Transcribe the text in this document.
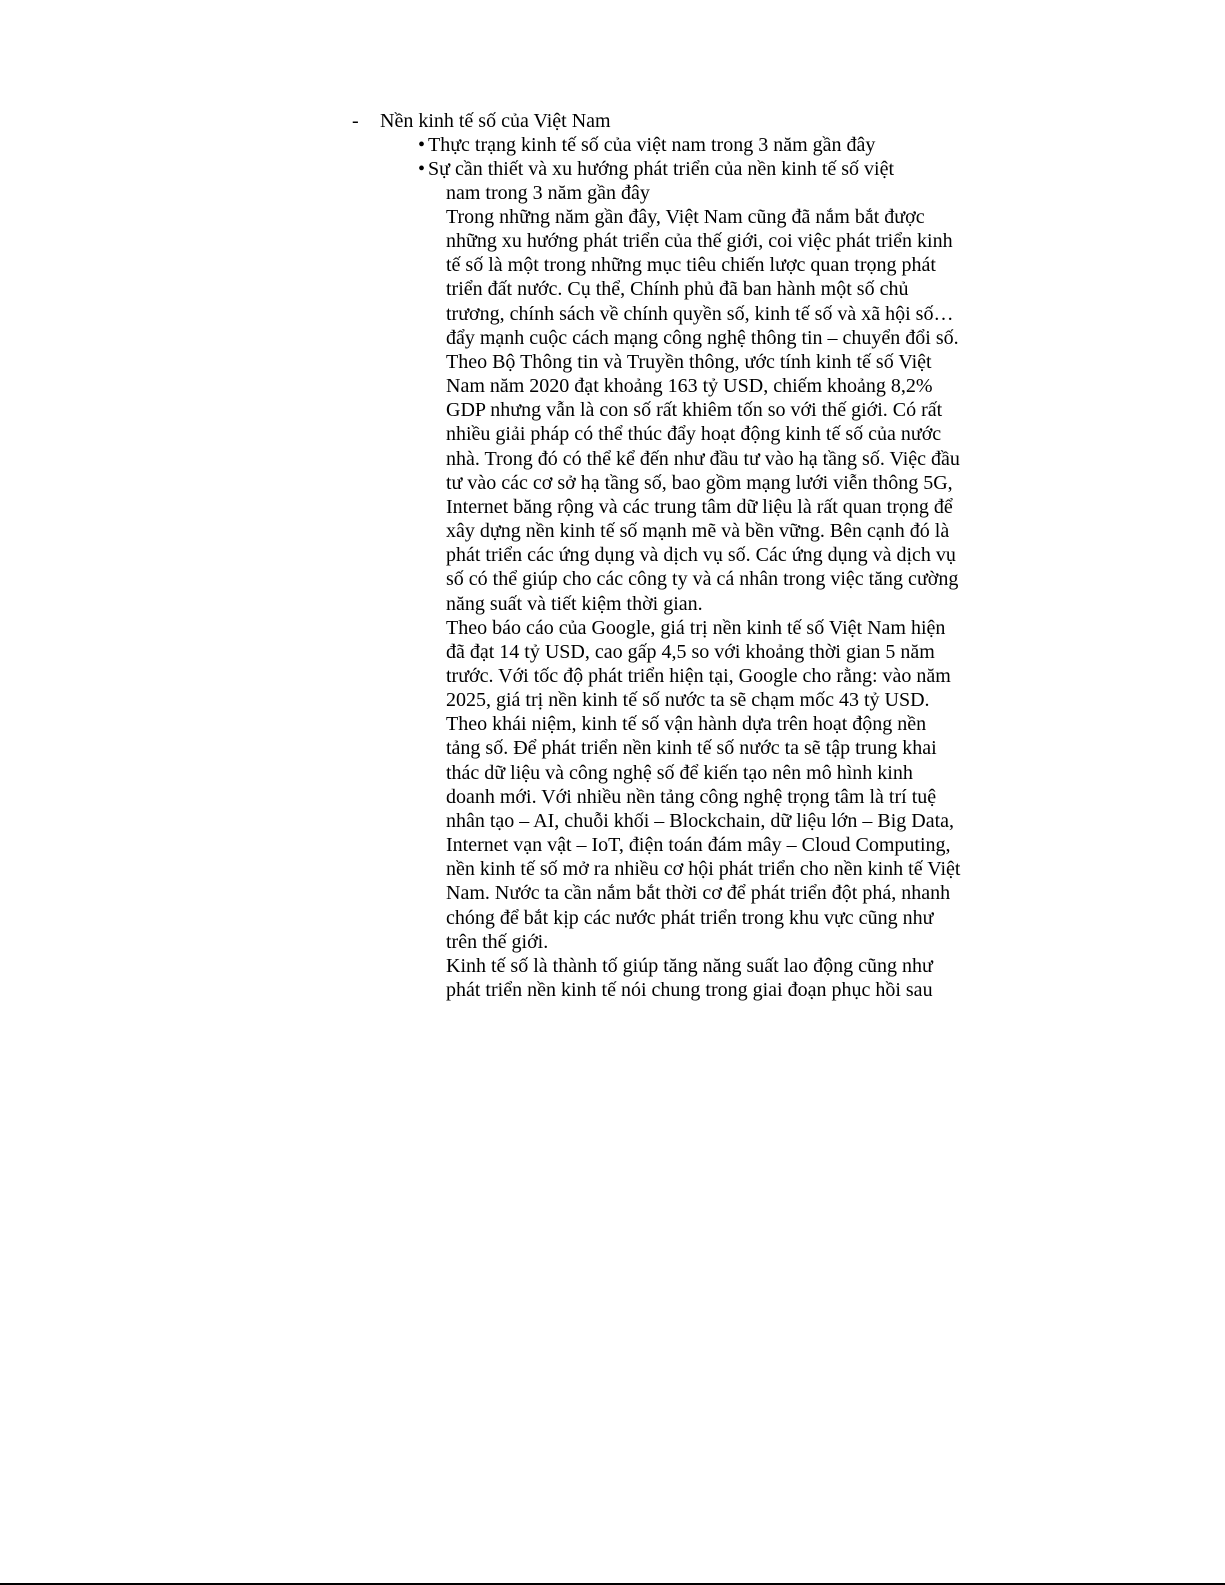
- Nền kinh tế số của Việt Nam
• Thực trạng kinh tế số của việt nam trong 3 năm gần đây
• Sự cần thiết và xu hướng phát triển của nền kinh tế số việt
nam trong 3 năm gần đây

Trong những năm gần đây, Việt Nam cũng đã nắm bắt được những xu hướng phát triển của thế giới, coi việc phát triển kinh tế số là một trong những mục tiêu chiến lược quan trọng phát triển đất nước. Cụ thể, Chính phủ đã ban hành một số chủ trương, chính sách về chính quyền số, kinh tế số và xã hội số… đẩy mạnh cuộc cách mạng công nghệ thông tin – chuyển đổi số. Theo Bộ Thông tin và Truyền thông, ước tính kinh tế số Việt Nam năm 2020 đạt khoảng 163 tỷ USD, chiếm khoảng 8,2% GDP nhưng vẫn là con số rất khiêm tốn so với thế giới. Có rất nhiều giải pháp có thể thúc đẩy hoạt động kinh tế số của nước nhà. Trong đó có thể kể đến như đầu tư vào hạ tầng số. Việc đầu tư vào các cơ sở hạ tầng số, bao gồm mạng lưới viễn thông 5G, Internet băng rộng và các trung tâm dữ liệu là rất quan trọng để xây dựng nền kinh tế số mạnh mẽ và bền vững. Bên cạnh đó là phát triển các ứng dụng và dịch vụ số. Các ứng dụng và dịch vụ số có thể giúp cho các công ty và cá nhân trong việc tăng cường năng suất và tiết kiệm thời gian.

Theo báo cáo của Google, giá trị nền kinh tế số Việt Nam hiện đã đạt 14 tỷ USD, cao gấp 4,5 so với khoảng thời gian 5 năm trước. Với tốc độ phát triển hiện tại, Google cho rằng: vào năm 2025, giá trị nền kinh tế số nước ta sẽ chạm mốc 43 tỷ USD.

Theo khái niệm, kinh tế số vận hành dựa trên hoạt động nền tảng số. Để phát triển nền kinh tế số nước ta sẽ tập trung khai thác dữ liệu và công nghệ số để kiến tạo nên mô hình kinh doanh mới. Với nhiều nền tảng công nghệ trọng tâm là trí tuệ nhân tạo – AI, chuỗi khối – Blockchain, dữ liệu lớn – Big Data, Internet vạn vật – IoT, điện toán đám mây – Cloud Computing, nền kinh tế số mở ra nhiều cơ hội phát triển cho nền kinh tế Việt Nam. Nước ta cần nắm bắt thời cơ để phát triển đột phá, nhanh chóng để bắt kịp các nước phát triển trong khu vực cũng như trên thế giới.

Kinh tế số là thành tố giúp tăng năng suất lao động cũng như phát triển nền kinh tế nói chung trong giai đoạn phục hồi sau
